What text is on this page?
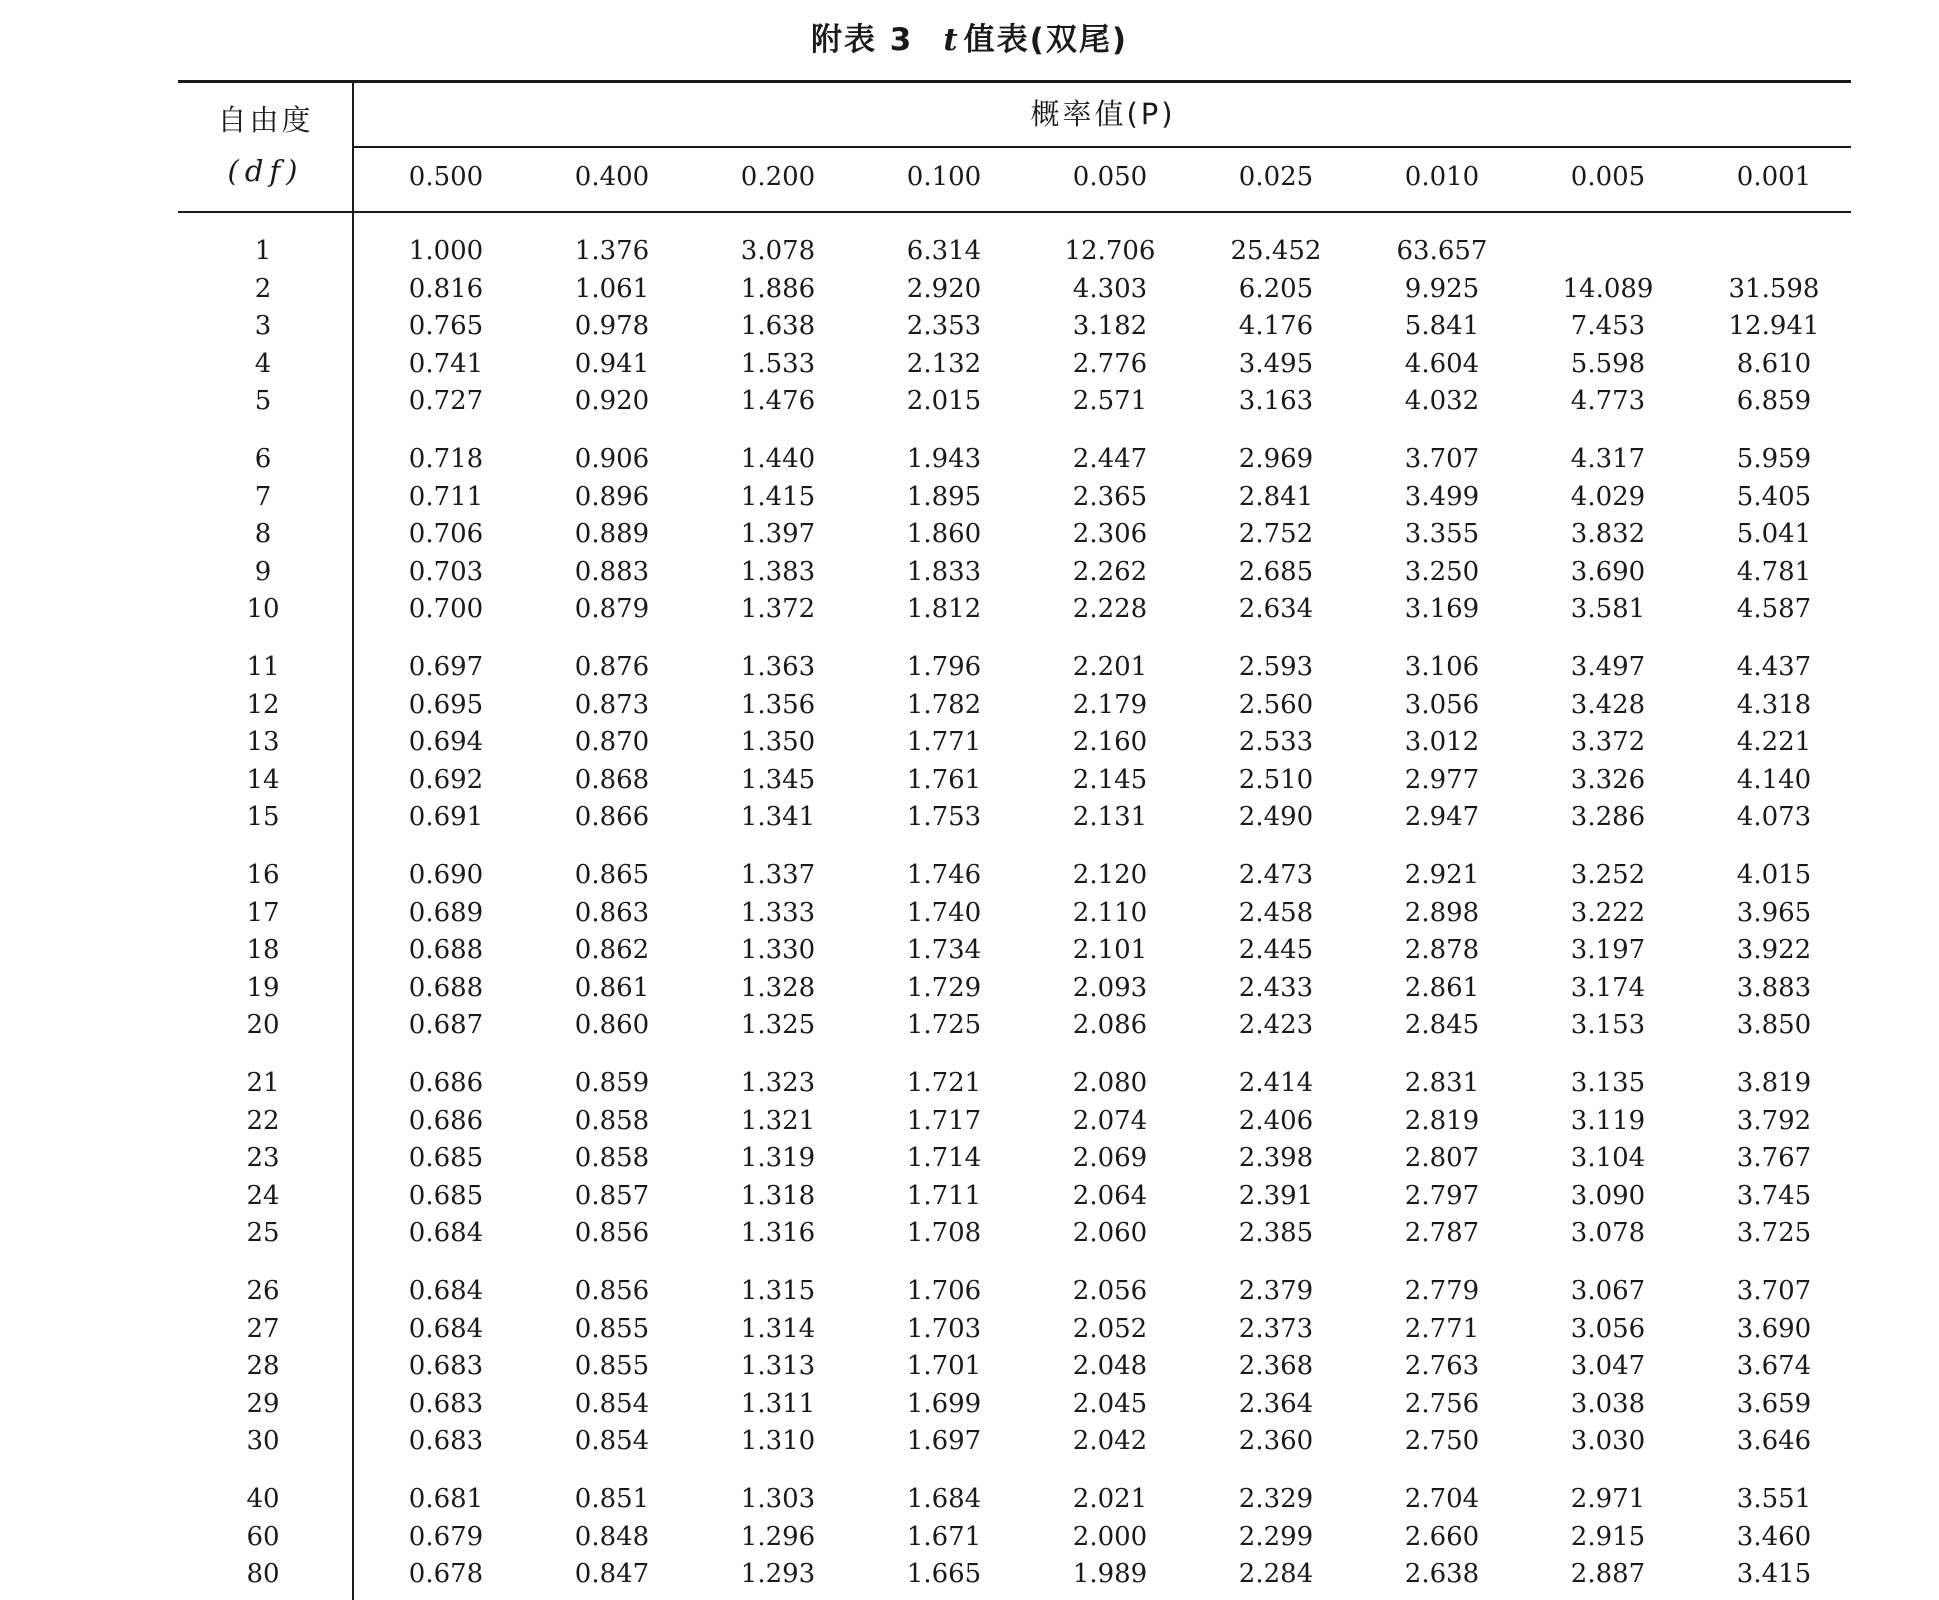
附表 3 t 值表(双尾)
自由度
(df)
概率值(P)
0.500	0.400	0.200	0.100	0.050	0.025	0.010	0.005	0.001
1	1.000	1.376	3.078	6.314	12.706	25.452	63.657
2	0.816	1.061	1.886	2.920	4.303	6.205	9.925	14.089	31.598
3	0.765	0.978	1.638	2.353	3.182	4.176	5.841	7.453	12.941
4	0.741	0.941	1.533	2.132	2.776	3.495	4.604	5.598	8.610
5	0.727	0.920	1.476	2.015	2.571	3.163	4.032	4.773	6.859
6	0.718	0.906	1.440	1.943	2.447	2.969	3.707	4.317	5.959
7	0.711	0.896	1.415	1.895	2.365	2.841	3.499	4.029	5.405
8	0.706	0.889	1.397	1.860	2.306	2.752	3.355	3.832	5.041
9	0.703	0.883	1.383	1.833	2.262	2.685	3.250	3.690	4.781
10	0.700	0.879	1.372	1.812	2.228	2.634	3.169	3.581	4.587
11	0.697	0.876	1.363	1.796	2.201	2.593	3.106	3.497	4.437
12	0.695	0.873	1.356	1.782	2.179	2.560	3.056	3.428	4.318
13	0.694	0.870	1.350	1.771	2.160	2.533	3.012	3.372	4.221
14	0.692	0.868	1.345	1.761	2.145	2.510	2.977	3.326	4.140
15	0.691	0.866	1.341	1.753	2.131	2.490	2.947	3.286	4.073
16	0.690	0.865	1.337	1.746	2.120	2.473	2.921	3.252	4.015
17	0.689	0.863	1.333	1.740	2.110	2.458	2.898	3.222	3.965
18	0.688	0.862	1.330	1.734	2.101	2.445	2.878	3.197	3.922
19	0.688	0.861	1.328	1.729	2.093	2.433	2.861	3.174	3.883
20	0.687	0.860	1.325	1.725	2.086	2.423	2.845	3.153	3.850
21	0.686	0.859	1.323	1.721	2.080	2.414	2.831	3.135	3.819
22	0.686	0.858	1.321	1.717	2.074	2.406	2.819	3.119	3.792
23	0.685	0.858	1.319	1.714	2.069	2.398	2.807	3.104	3.767
24	0.685	0.857	1.318	1.711	2.064	2.391	2.797	3.090	3.745
25	0.684	0.856	1.316	1.708	2.060	2.385	2.787	3.078	3.725
26	0.684	0.856	1.315	1.706	2.056	2.379	2.779	3.067	3.707
27	0.684	0.855	1.314	1.703	2.052	2.373	2.771	3.056	3.690
28	0.683	0.855	1.313	1.701	2.048	2.368	2.763	3.047	3.674
29	0.683	0.854	1.311	1.699	2.045	2.364	2.756	3.038	3.659
30	0.683	0.854	1.310	1.697	2.042	2.360	2.750	3.030	3.646
40	0.681	0.851	1.303	1.684	2.021	2.329	2.704	2.971	3.551
60	0.679	0.848	1.296	1.671	2.000	2.299	2.660	2.915	3.460
80	0.678	0.847	1.293	1.665	1.989	2.284	2.638	2.887	3.415
